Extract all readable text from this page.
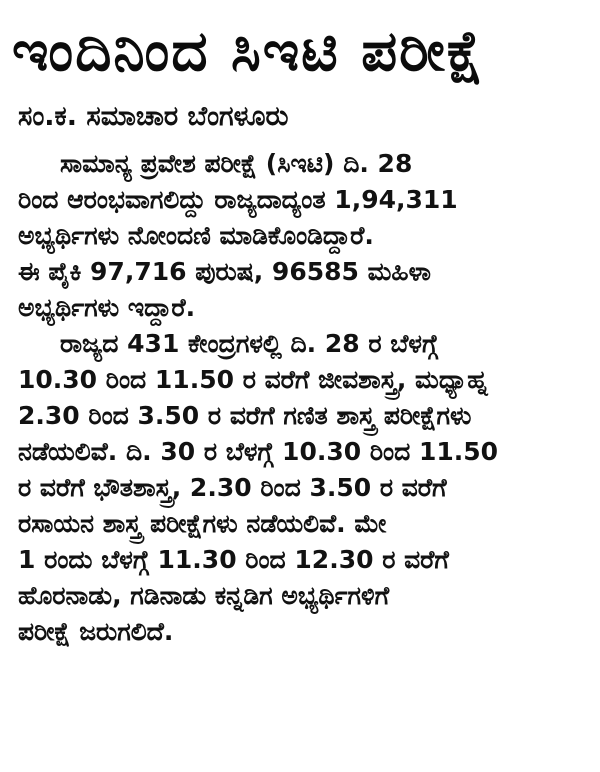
ಇಂದಿನಿಂದ ಸಿಇಟಿ ಪರೀಕ್ಷೆ
ಸಂ.ಕ. ಸಮಾಚಾರ ಬೆಂಗಳೂರು

ಸಾಮಾನ್ಯ ಪ್ರವೇಶ ಪರೀಕ್ಷೆ (ಸಿಇಟಿ) ದಿ. 28
ರಿಂದ ಆರಂಭವಾಗಲಿದ್ದು ರಾಜ್ಯದಾದ್ಯಂತ 1,94,311
ಅಭ್ಯರ್ಥಿಗಳು ನೋಂದಣಿ ಮಾಡಿಕೊಂಡಿದ್ದಾರೆ.
ಈ ಪೈಕಿ 97,716 ಪುರುಷ, 96585 ಮಹಿಳಾ
ಅಭ್ಯರ್ಥಿಗಳು ಇದ್ದಾರೆ.

ರಾಜ್ಯದ 431 ಕೇಂದ್ರಗಳಲ್ಲಿ ದಿ. 28 ರ ಬೆಳಗ್ಗೆ
10.30 ರಿಂದ 11.50 ರ ವರೆಗೆ ಜೀವಶಾಸ್ತ್ರ, ಮಧ್ಯಾಹ್ನ
2.30 ರಿಂದ 3.50 ರ ವರೆಗೆ ಗಣಿತ ಶಾಸ್ತ್ರ ಪರೀಕ್ಷೆಗಳು
ನಡೆಯಲಿವೆ. ದಿ. 30 ರ ಬೆಳಗ್ಗೆ 10.30 ರಿಂದ 11.50
ರ ವರೆಗೆ ಭೌತಶಾಸ್ತ್ರ, 2.30 ರಿಂದ 3.50 ರ ವರೆಗೆ
ರಸಾಯನ ಶಾಸ್ತ್ರ ಪರೀಕ್ಷೆಗಳು ನಡೆಯಲಿವೆ. ಮೇ
1 ರಂದು ಬೆಳಗ್ಗೆ 11.30 ರಿಂದ 12.30 ರ ವರೆಗೆ
ಹೊರನಾಡು, ಗಡಿನಾಡು ಕನ್ನಡಿಗ ಅಭ್ಯರ್ಥಿಗಳಿಗೆ
ಪರೀಕ್ಷೆ ಜರುಗಲಿದೆ.
